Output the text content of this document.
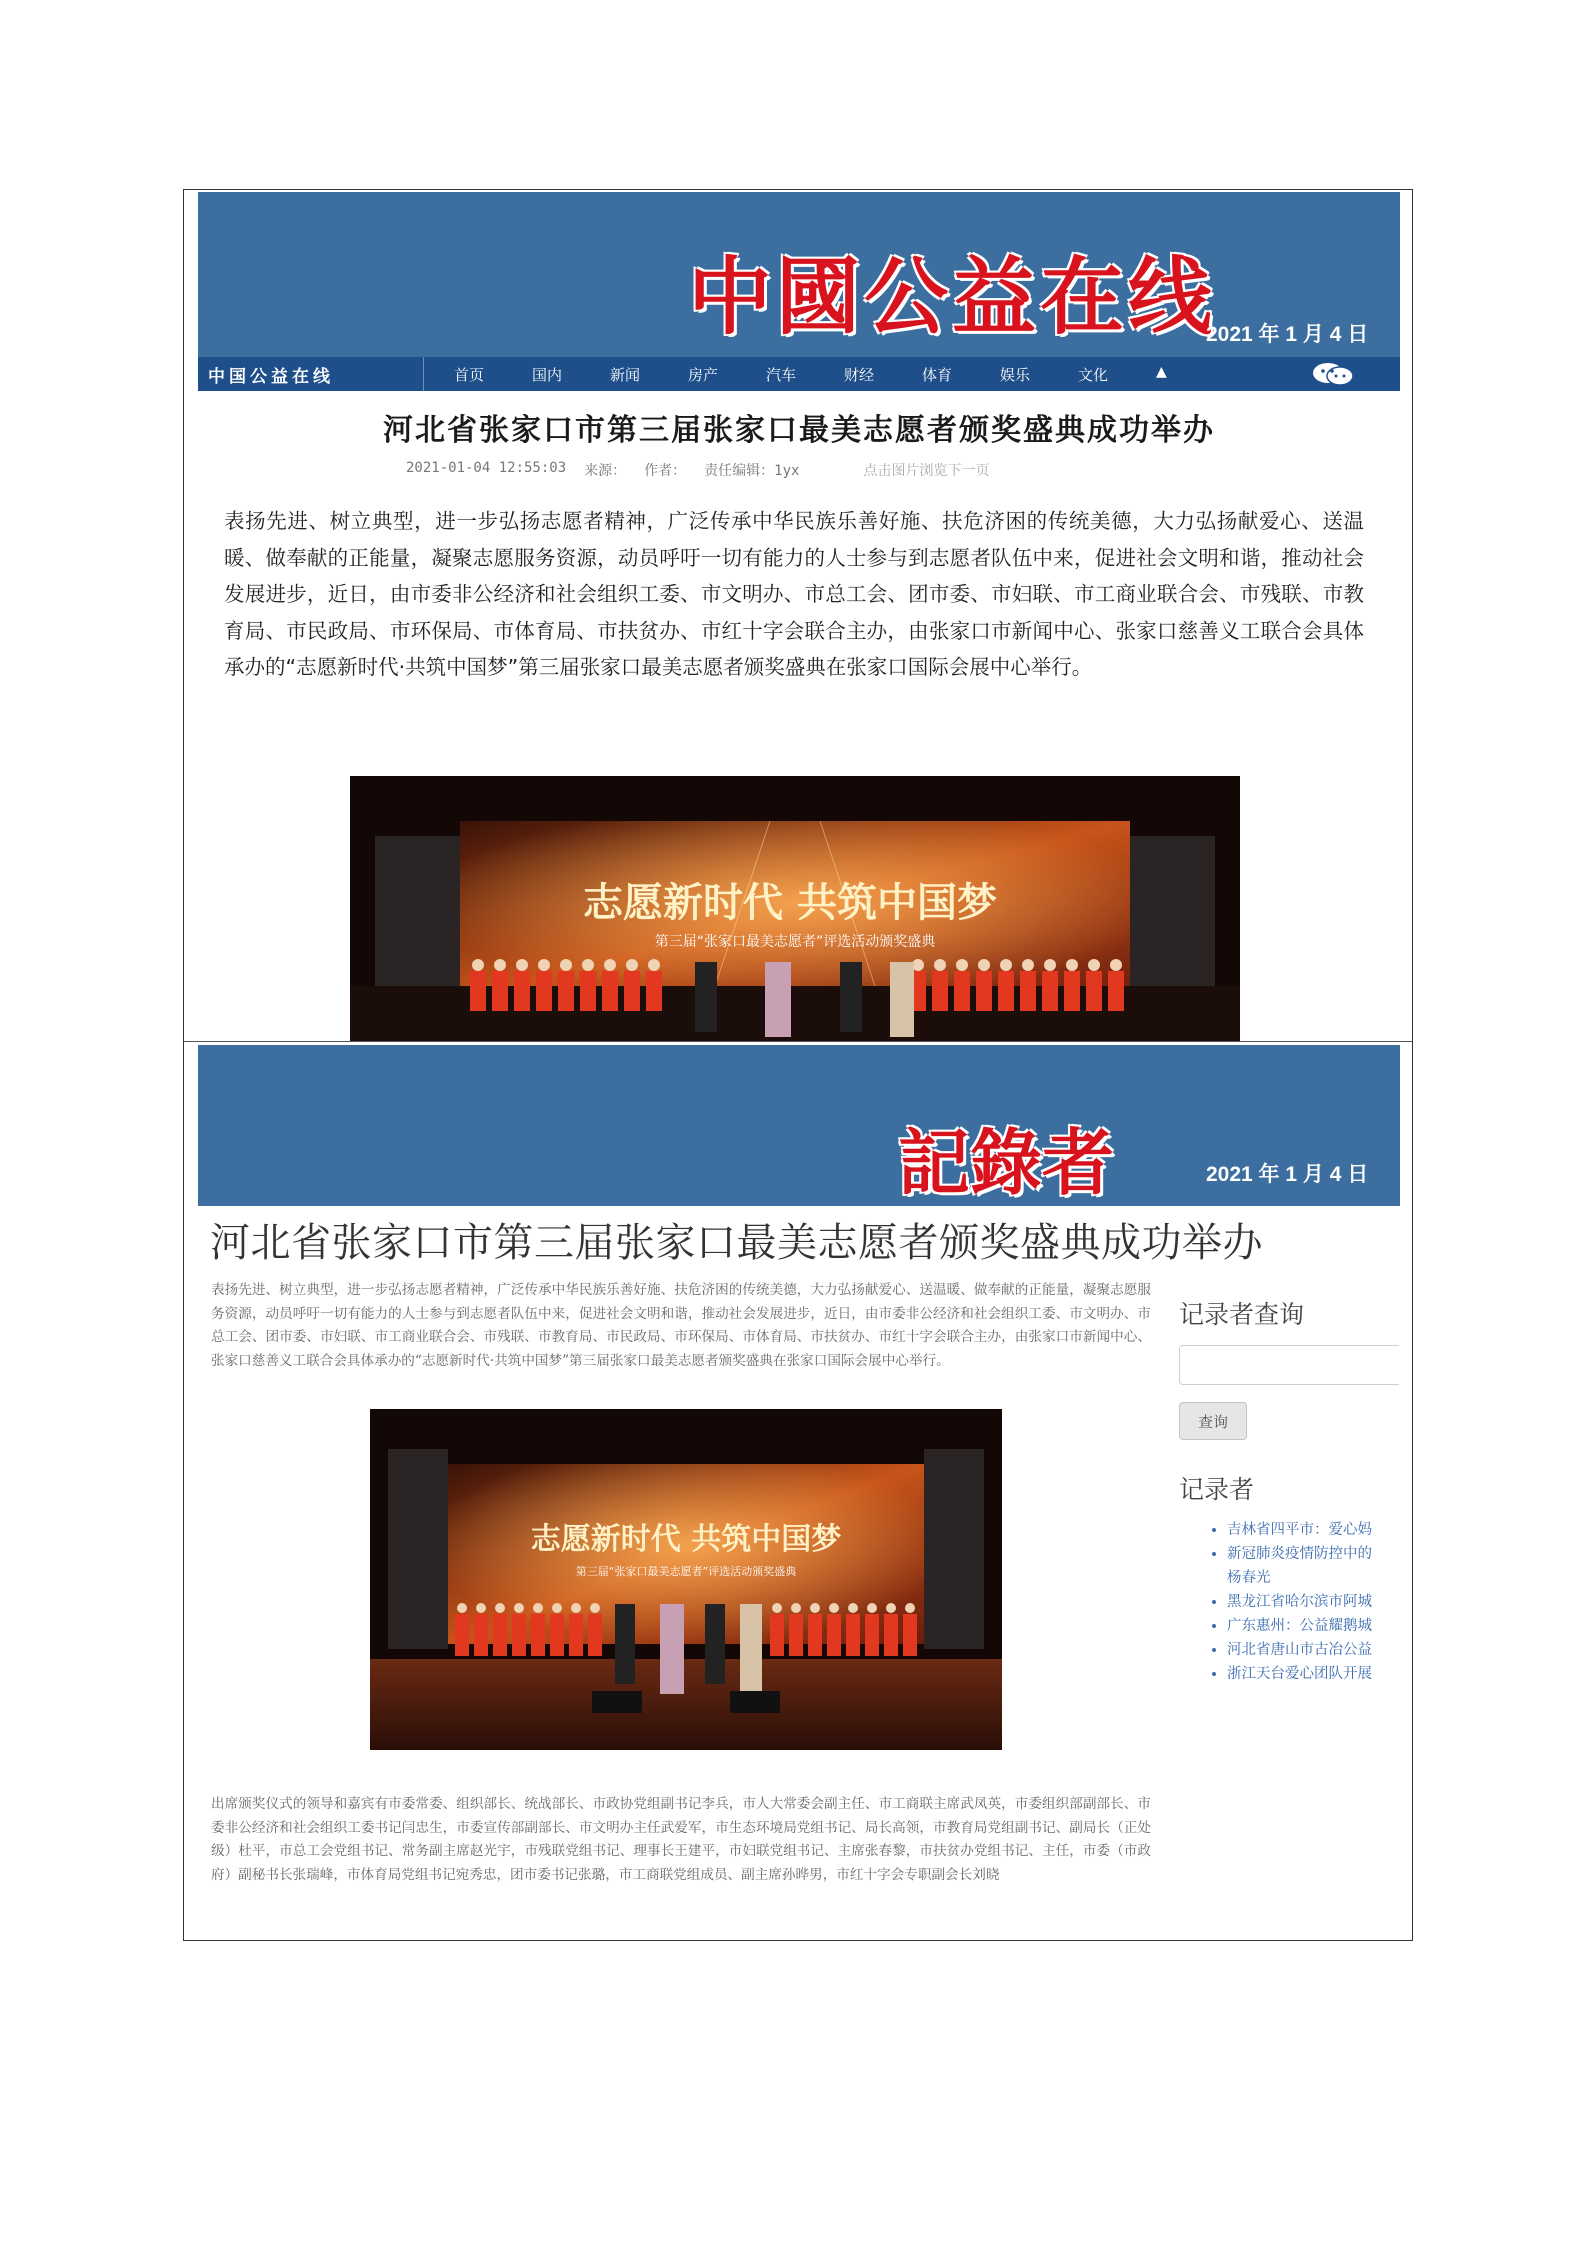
中國公益在线
2021 年 1 月 4 日
中国公益在线	首页	国内	新闻	房产	汽车	财经	体育	娱乐	文化	▲
河北省张家口市第三届张家口最美志愿者颁奖盛典成功举办
2021-01-04 12:55:03 来源： 作者： 责任编辑：1yx	点击图片浏览下一页

表扬先进、树立典型，进一步弘扬志愿者精神，广泛传承中华民族乐善好施、扶危济困的传统美德，大力弘扬献爱心、送温暖、做奉献的正能量，凝聚志愿服务资源，动员呼吁一切有能力的人士参与到志愿者队伍中来，促进社会文明和谐，推动社会发展进步，近日，由市委非公经济和社会组织工委、市文明办、市总工会、团市委、市妇联、市工商业联合会、市残联、市教育局、市民政局、市环保局、市体育局、市扶贫办、市红十字会联合主办，由张家口市新闻中心、张家口慈善义工联合会具体承办的“志愿新时代·共筑中国梦”第三届张家口最美志愿者颁奖盛典在张家口国际会展中心举行。

志愿新时代 共筑中国梦
第三届“张家口最美志愿者”评选活动颁奖盛典
記錄者	2021 年 1 月 4 日
河北省张家口市第三届张家口最美志愿者颁奖盛典成功举办

表扬先进、树立典型，进一步弘扬志愿者精神，广泛传承中华民族乐善好施、扶危济困的传统美德，大力弘扬献爱心、送温暖、做奉献的正能量，凝聚志愿服务资源，动员呼吁一切有能力的人士参与到志愿者队伍中来，促进社会文明和谐，推动社会发展进步，近日，由市委非公经济和社会组织工委、市文明办、市总工会、团市委、市妇联、市工商业联合会、市残联、市教育局、市民政局、市环保局、市体育局、市扶贫办、市红十字会联合主办，由张家口市新闻中心、张家口慈善义工联合会具体承办的“志愿新时代·共筑中国梦”第三届张家口最美志愿者颁奖盛典在张家口国际会展中心举行。

志愿新时代 共筑中国梦
第三届“张家口最美志愿者”评选活动颁奖盛典

出席颁奖仪式的领导和嘉宾有市委常委、组织部长、统战部长、市政协党组副书记李兵，市人大常委会副主任、市工商联主席武凤英，市委组织部副部长、市委非公经济和社会组织工委书记闫忠生，市委宣传部副部长、市文明办主任武爱军，市生态环境局党组书记、局长高领，市教育局党组副书记、副局长（正处级）杜平，市总工会党组书记、常务副主席赵光宇，市残联党组书记、理事长王建平，市妇联党组书记、主席张春黎，市扶贫办党组书记、主任，市委（市政府）副秘书长张瑞峰，市体育局党组书记宛秀忠，团市委书记张璐，市工商联党组成员、副主席孙晔男，市红十字会专职副会长刘晓

记录者查询
查询
记录者
• 吉林省四平市：爱心妈
• 新冠肺炎疫情防控中的
杨春光
• 黑龙江省哈尔滨市阿城
• 广东惠州：公益耀鹅城
• 河北省唐山市古冶公益
• 浙江天台爱心团队开展
